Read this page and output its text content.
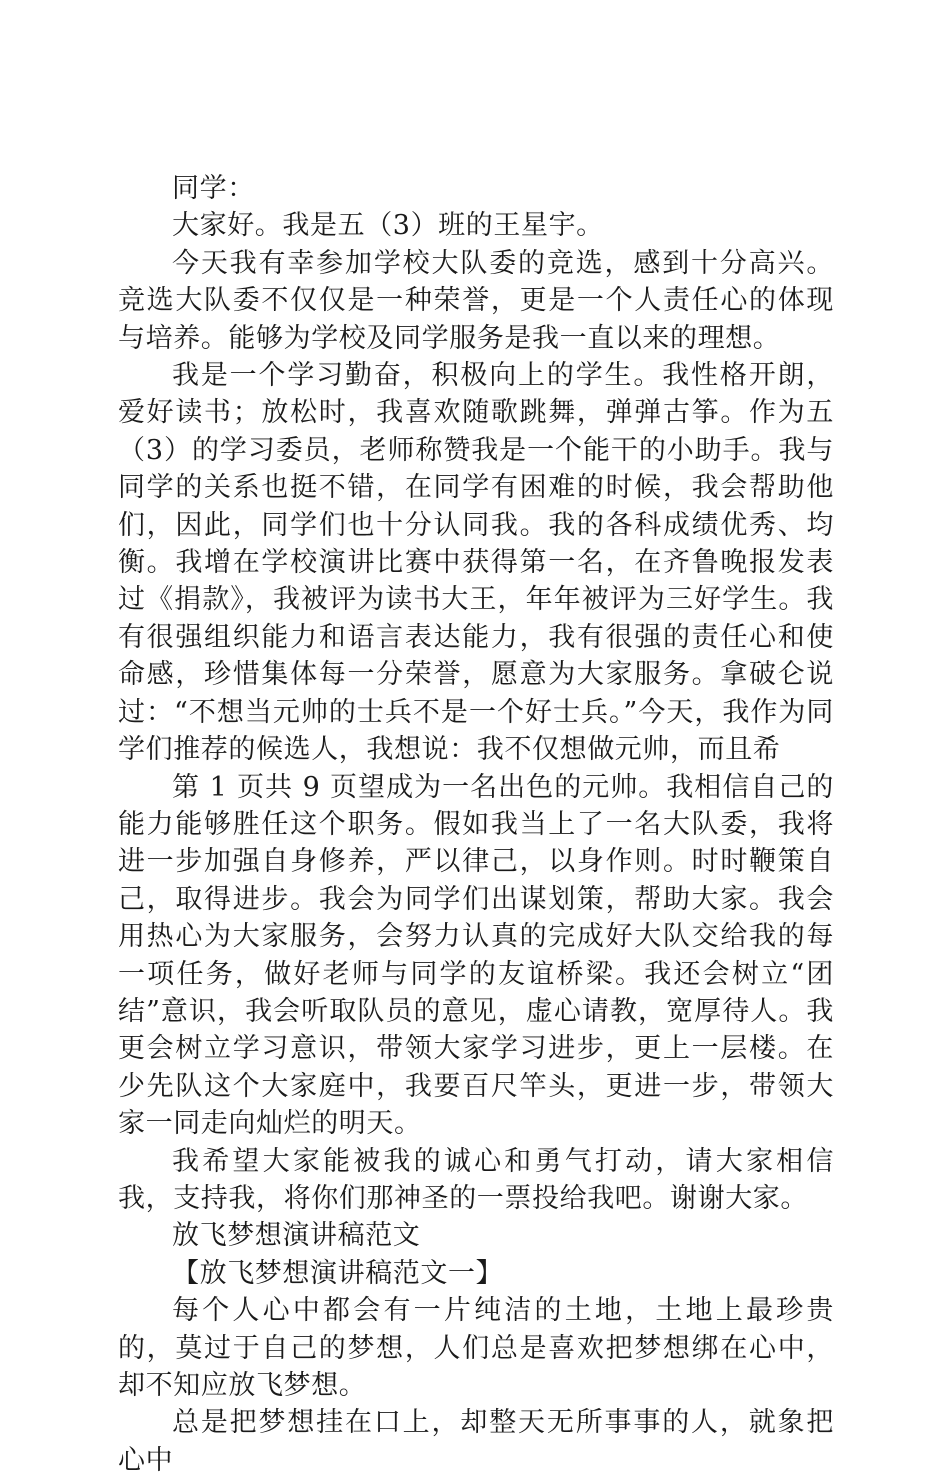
同学：

大家好。我是五（3）班的王星宇。

今天我有幸参加学校大队委的竞选，感到十分高兴。竞选大队委不仅仅是一种荣誉，更是一个人责任心的体现与培养。能够为学校及同学服务是我一直以来的理想。

我是一个学习勤奋，积极向上的学生。我性格开朗，爱好读书；放松时，我喜欢随歌跳舞，弹弹古筝。作为五（3）的学习委员，老师称赞我是一个能干的小助手。我与同学的关系也挺不错，在同学有困难的时候，我会帮助他们，因此，同学们也十分认同我。我的各科成绩优秀、均衡。我增在学校演讲比赛中获得第一名，在齐鲁晚报发表过《捐款》，我被评为读书大王，年年被评为三好学生。我有很强组织能力和语言表达能力，我有很强的责任心和使命感，珍惜集体每一分荣誉，愿意为大家服务。拿破仑说过：“不想当元帅的士兵不是一个好士兵。”今天，我作为同学们推荐的候选人，我想说：我不仅想做元帅，而且希

第 1 页共 9 页望成为一名出色的元帅。我相信自己的能力能够胜任这个职务。假如我当上了一名大队委，我将进一步加强自身修养，严以律己，以身作则。时时鞭策自己，取得进步。我会为同学们出谋划策，帮助大家。我会用热心为大家服务，会努力认真的完成好大队交给我的每一项任务，做好老师与同学的友谊桥梁。我还会树立“团结”意识，我会听取队员的意见，虚心请教，宽厚待人。我更会树立学习意识，带领大家学习进步，更上一层楼。在少先队这个大家庭中，我要百尺竿头，更进一步，带领大家一同走向灿烂的明天。

我希望大家能被我的诚心和勇气打动，请大家相信我，支持我，将你们那神圣的一票投给我吧。谢谢大家。

放飞梦想演讲稿范文

【放飞梦想演讲稿范文一】

每个人心中都会有一片纯洁的土地，土地上最珍贵的，莫过于自己的梦想，人们总是喜欢把梦想绑在心中，却不知应放飞梦想。

总是把梦想挂在口上，却整天无所事事的人，就象把心中
